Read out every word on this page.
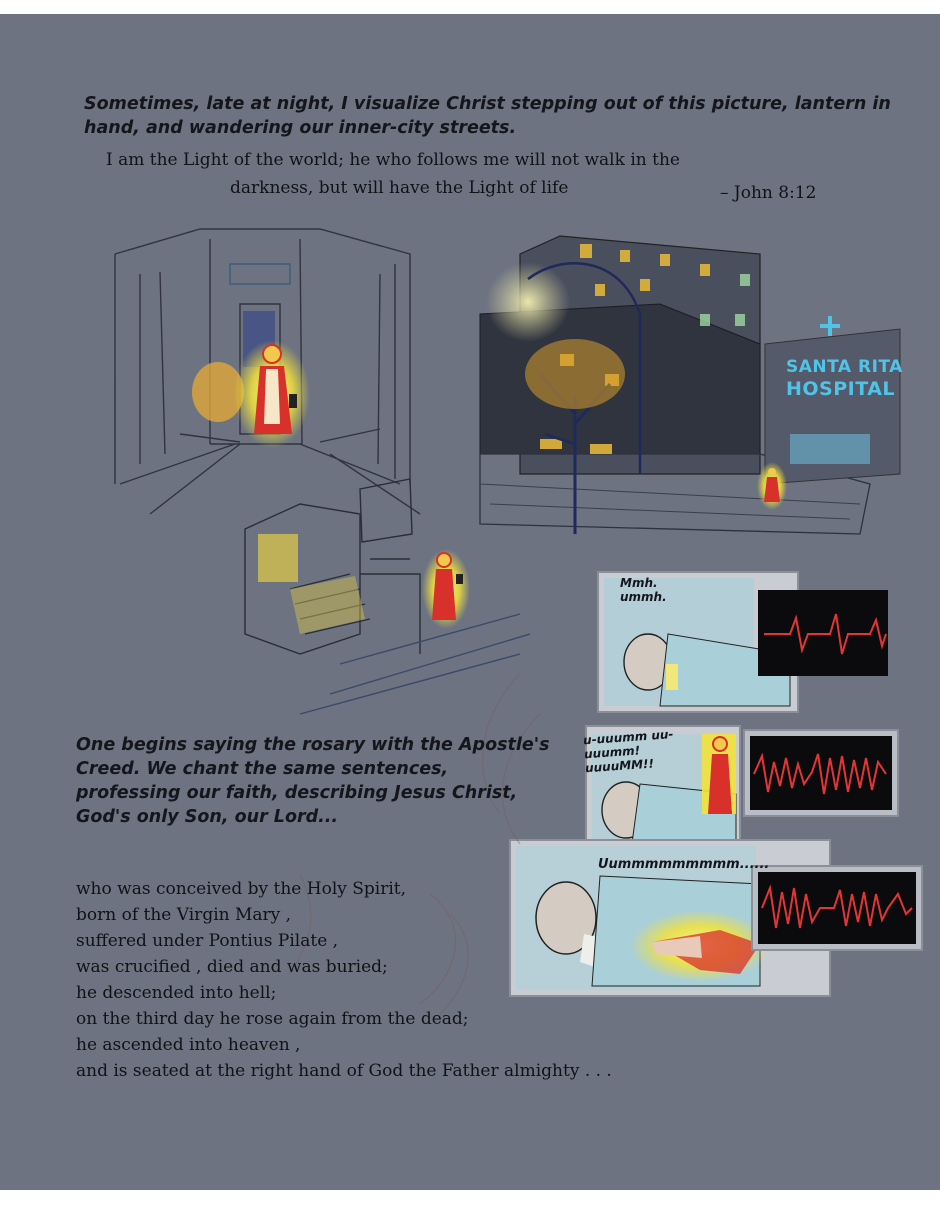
Sometimes, late at night, I visualize Christ stepping out of this picture, lantern in hand, and wandering our inner-city streets.
I am the Light of the world; he who follows me will not walk in the
darkness, but will have the Light of life	– John 8:12
SANTA RITA
HOSPITAL
Mmh. ummh.
u-uuumm uu-uuumm! uuuuMM!!
Uummmmmmmmm......
One begins saying the rosary with the Apostle's Creed. We chant the same sentences, professing our faith, describing Jesus Christ, God's only Son, our Lord...
who was conceived by the Holy Spirit,
born of the Virgin Mary ,
suffered under Pontius Pilate ,
was crucified , died and was buried;
he descended into hell;
on the third day he rose again from the dead;
he ascended into heaven ,
and is seated at the right hand of God the Father almighty . . .
